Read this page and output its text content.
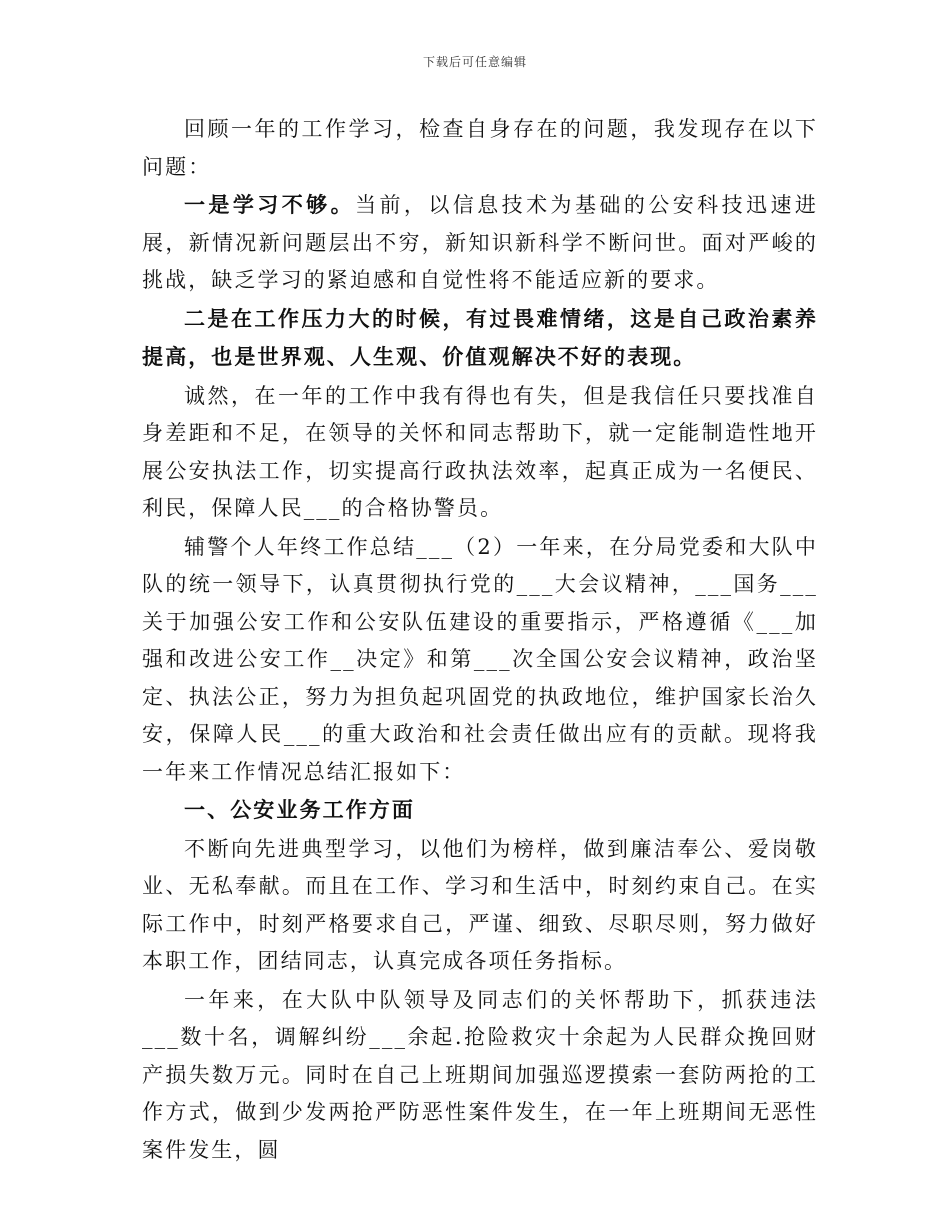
下载后可任意编辑

回顾一年的工作学习，检查自身存在的问题，我发现存在以下问题：

一是学习不够。当前，以信息技术为基础的公安科技迅速进展，新情况新问题层出不穷，新知识新科学不断问世。面对严峻的挑战，缺乏学习的紧迫感和自觉性将不能适应新的要求。

二是在工作压力大的时候，有过畏难情绪，这是自己政治素养提高，也是世界观、人生观、价值观解决不好的表现。

诚然，在一年的工作中我有得也有失，但是我信任只要找准自身差距和不足，在领导的关怀和同志帮助下，就一定能制造性地开展公安执法工作，切实提高行政执法效率，起真正成为一名便民、利民，保障人民___的合格协警员。

辅警个人年终工作总结___（2）一年来，在分局党委和大队中队的统一领导下，认真贯彻执行党的___大会议精神，___国务___关于加强公安工作和公安队伍建设的重要指示，严格遵循《___加强和改进公安工作__决定》和第___次全国公安会议精神，政治坚定、执法公正，努力为担负起巩固党的执政地位，维护国家长治久安，保障人民___的重大政治和社会责任做出应有的贡献。现将我一年来工作情况总结汇报如下：

一、公安业务工作方面

不断向先进典型学习，以他们为榜样，做到廉洁奉公、爱岗敬业、无私奉献。而且在工作、学习和生活中，时刻约束自己。在实际工作中，时刻严格要求自己，严谨、细致、尽职尽则，努力做好本职工作，团结同志，认真完成各项任务指标。

一年来，在大队中队领导及同志们的关怀帮助下，抓获违法___数十名，调解纠纷___余起.抢险救灾十余起为人民群众挽回财产损失数万元。同时在自己上班期间加强巡逻摸索一套防两抢的工作方式，做到少发两抢严防恶性案件发生，在一年上班期间无恶性案件发生，圆
